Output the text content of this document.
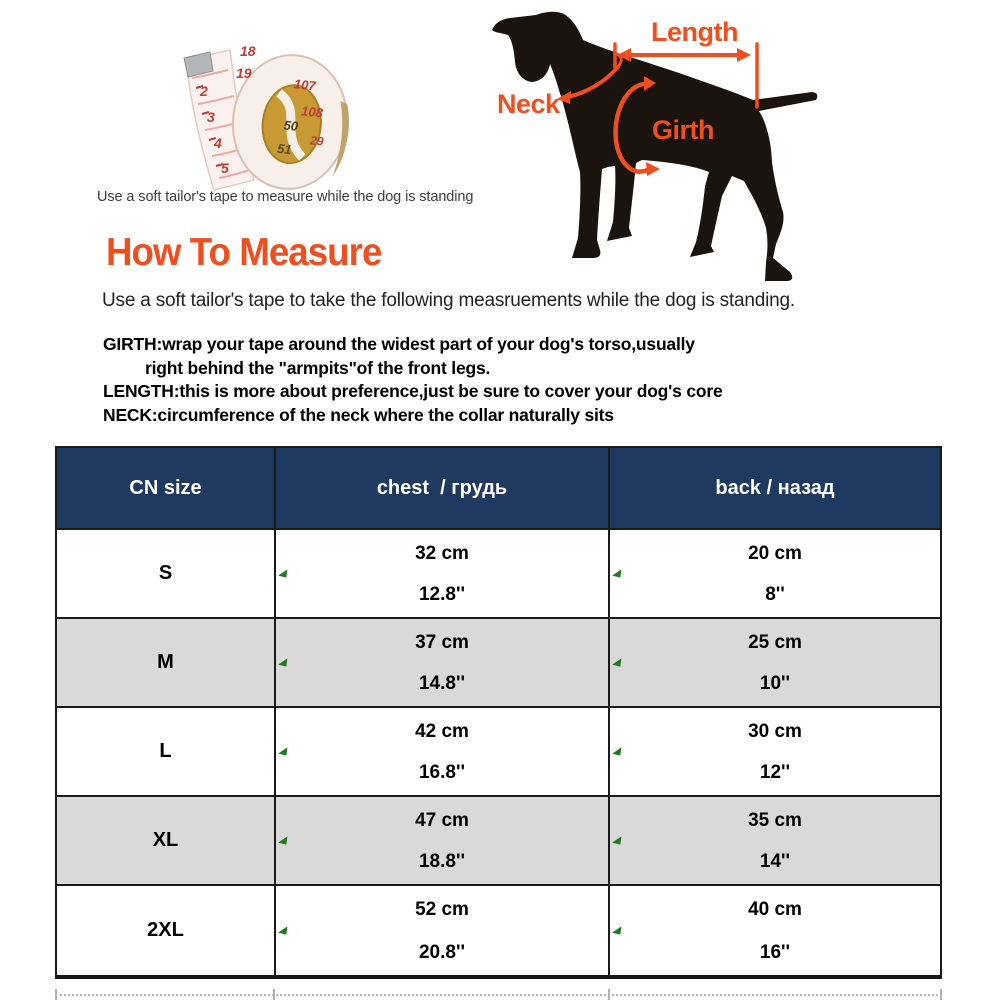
2
3
4
5
107
108
29
50
51
18
19
Use a soft tailor's tape to measure while the dog is standing
Length
Neck
Girth
How To Measure
Use a soft tailor's tape to take the following measruements while the dog is standing.
GIRTH:wrap your tape around the widest part of your dog's torso,usually
right behind the "armpits"of the front legs.
LENGTH:this is more about preference,just be sure to cover your dog's core
NECK:circumference of the neck where the collar naturally sits
CN size	chest  / грудь	back / назад
S
32 cm
12.8''
20 cm
8''
M
37 cm
14.8''
25 cm
10''
L
42 cm
16.8''
30 cm
12''
XL
47 cm
18.8''
35 cm
14''
2XL
52 cm
20.8''
40 cm
16''
